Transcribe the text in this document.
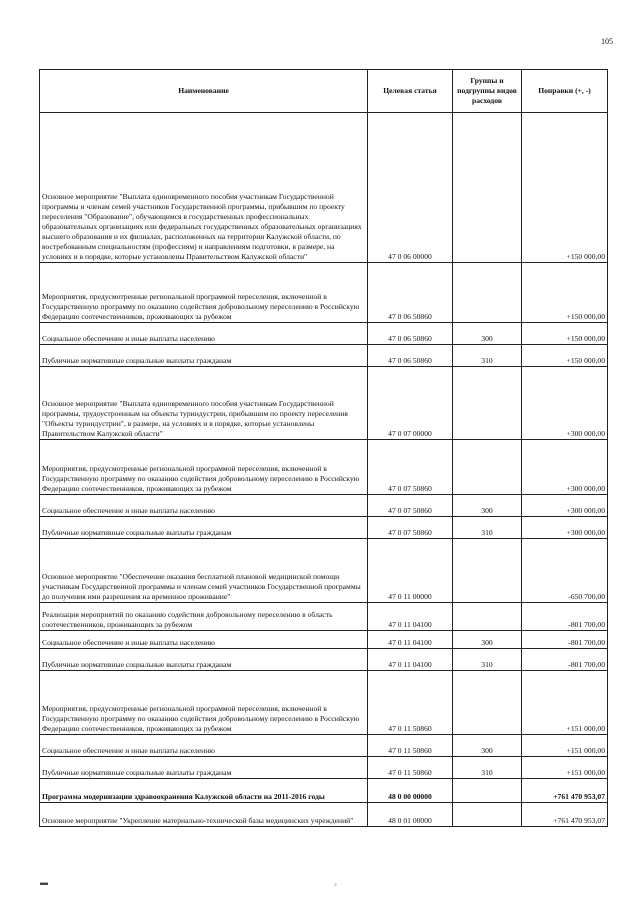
105
Наименование	Целевая статья	Группы и подгруппы видов расходов	Поправки (+, -)
Основное мероприятие "Выплата единовременного пособия участникам Государственной программы и членам семей участников Государственной программы, прибывшим по проекту переселения "Образование", обучающимся в государственных профессиональных образовательных организациях или федеральных государственных образовательных организациях высшего образования и их филиалах, расположенных на территории Калужской области, по востребованным специальностям (профессиям) и направлениям подготовки, в размере, на условиях и в порядке, которые установлены Правительством Калужской области"	47 0 06 00000		+150 000,00
Мероприятия, предусмотренные региональной программой переселения, включенной в Государственную программу по оказанию содействия добровольному переселению в Российскую Федерацию соотечественников, проживающих за рубежом	47 0 06 50860		+150 000,00
Социальное обеспечение и иные выплаты населению	47 0 06 50860	300	+150 000,00
Публичные нормативные социальные выплаты гражданам	47 0 06 50860	310	+150 000,00
Основное мероприятие "Выплата единовременного пособия участникам Государственной программы, трудоустроенным на объекты туриндустрии, прибывшим по проекту переселения "Объекты туриндустрии", в размере, на условиях и в порядке, которые установлены Правительством Калужской области"	47 0 07 00000		+300 000,00
Мероприятия, предусмотренные региональной программой переселения, включенной в Государственную программу по оказанию содействия добровольному переселению в Российскую Федерацию соотечественников, проживающих за рубежом	47 0 07 50860		+300 000,00
Социальное обеспечение и иные выплаты населению	47 0 07 50860	300	+300 000,00
Публичные нормативные социальные выплаты гражданам	47 0 07 50860	310	+300 000,00
Основное мероприятие "Обеспечение оказания бесплатной плановой медицинской помощи участникам Государственной программы и членам семей участников Государственной программы до получения ими разрешения на временное проживание"	47 0 11 00000		-650 700,00
Реализация мероприятий по оказанию содействия добровольному переселению в область соотечественников, проживающих за рубежом	47 0 11 04100		-801 700,00
Социальное обеспечение и иные выплаты населению	47 0 11 04100	300	-801 700,00
Публичные нормативные социальные выплаты гражданам	47 0 11 04100	310	-801 700,00
Мероприятия, предусмотренные региональной программой переселения, включенной в Государственную программу по оказанию содействия добровольному переселению в Российскую Федерацию соотечественников, проживающих за рубежом	47 0 11 50860		+151 000,00
Социальное обеспечение и иные выплаты населению	47 0 11 50860	300	+151 000,00
Публичные нормативные социальные выплаты гражданам	47 0 11 50860	310	+151 000,00
Программа модернизации здравоохранения Калужской области на 2011-2016 годы	48 0 00 00000		+761 470 953,07
Основное мероприятие "Укрепление материально-технической базы медицинских учреждений"	48 0 01 00000		+761 470 953,07
▬	◦
